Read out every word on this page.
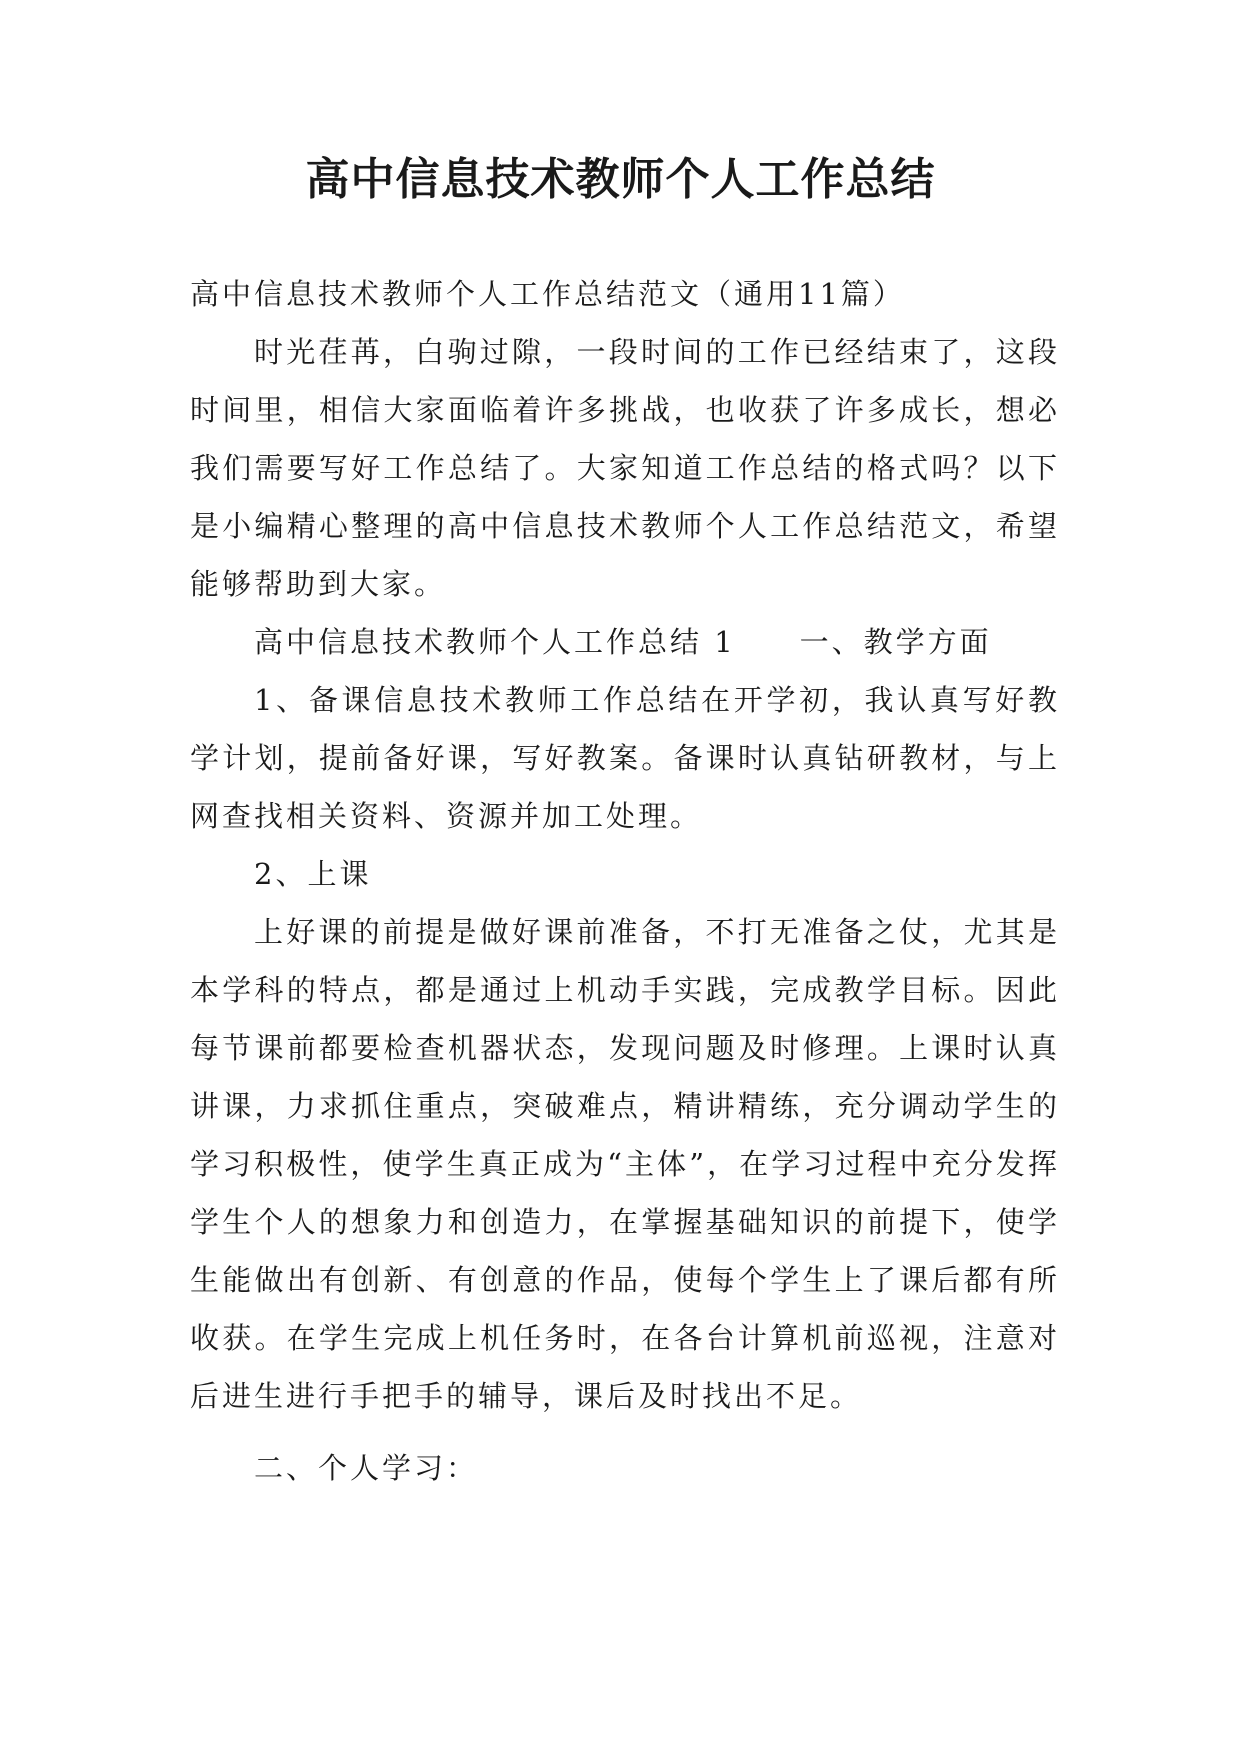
高中信息技术教师个人工作总结

高中信息技术教师个人工作总结范文（通用11篇）

时光荏苒，白驹过隙，一段时间的工作已经结束了，这段时间里，相信大家面临着许多挑战，也收获了许多成长，想必我们需要写好工作总结了。大家知道工作总结的格式吗？以下是小编精心整理的高中信息技术教师个人工作总结范文，希望能够帮助到大家。

高中信息技术教师个人工作总结 1　　一、教学方面

1、备课信息技术教师工作总结在开学初，我认真写好教学计划，提前备好课，写好教案。备课时认真钻研教材，与上网查找相关资料、资源并加工处理。

2、上课

上好课的前提是做好课前准备，不打无准备之仗，尤其是本学科的特点，都是通过上机动手实践，完成教学目标。因此每节课前都要检查机器状态，发现问题及时修理。上课时认真讲课，力求抓住重点，突破难点，精讲精练，充分调动学生的学习积极性，使学生真正成为“主体”，在学习过程中充分发挥学生个人的想象力和创造力，在掌握基础知识的前提下，使学生能做出有创新、有创意的作品，使每个学生上了课后都有所收获。在学生完成上机任务时，在各台计算机前巡视，注意对后进生进行手把手的辅导，课后及时找出不足。

二、个人学习：
